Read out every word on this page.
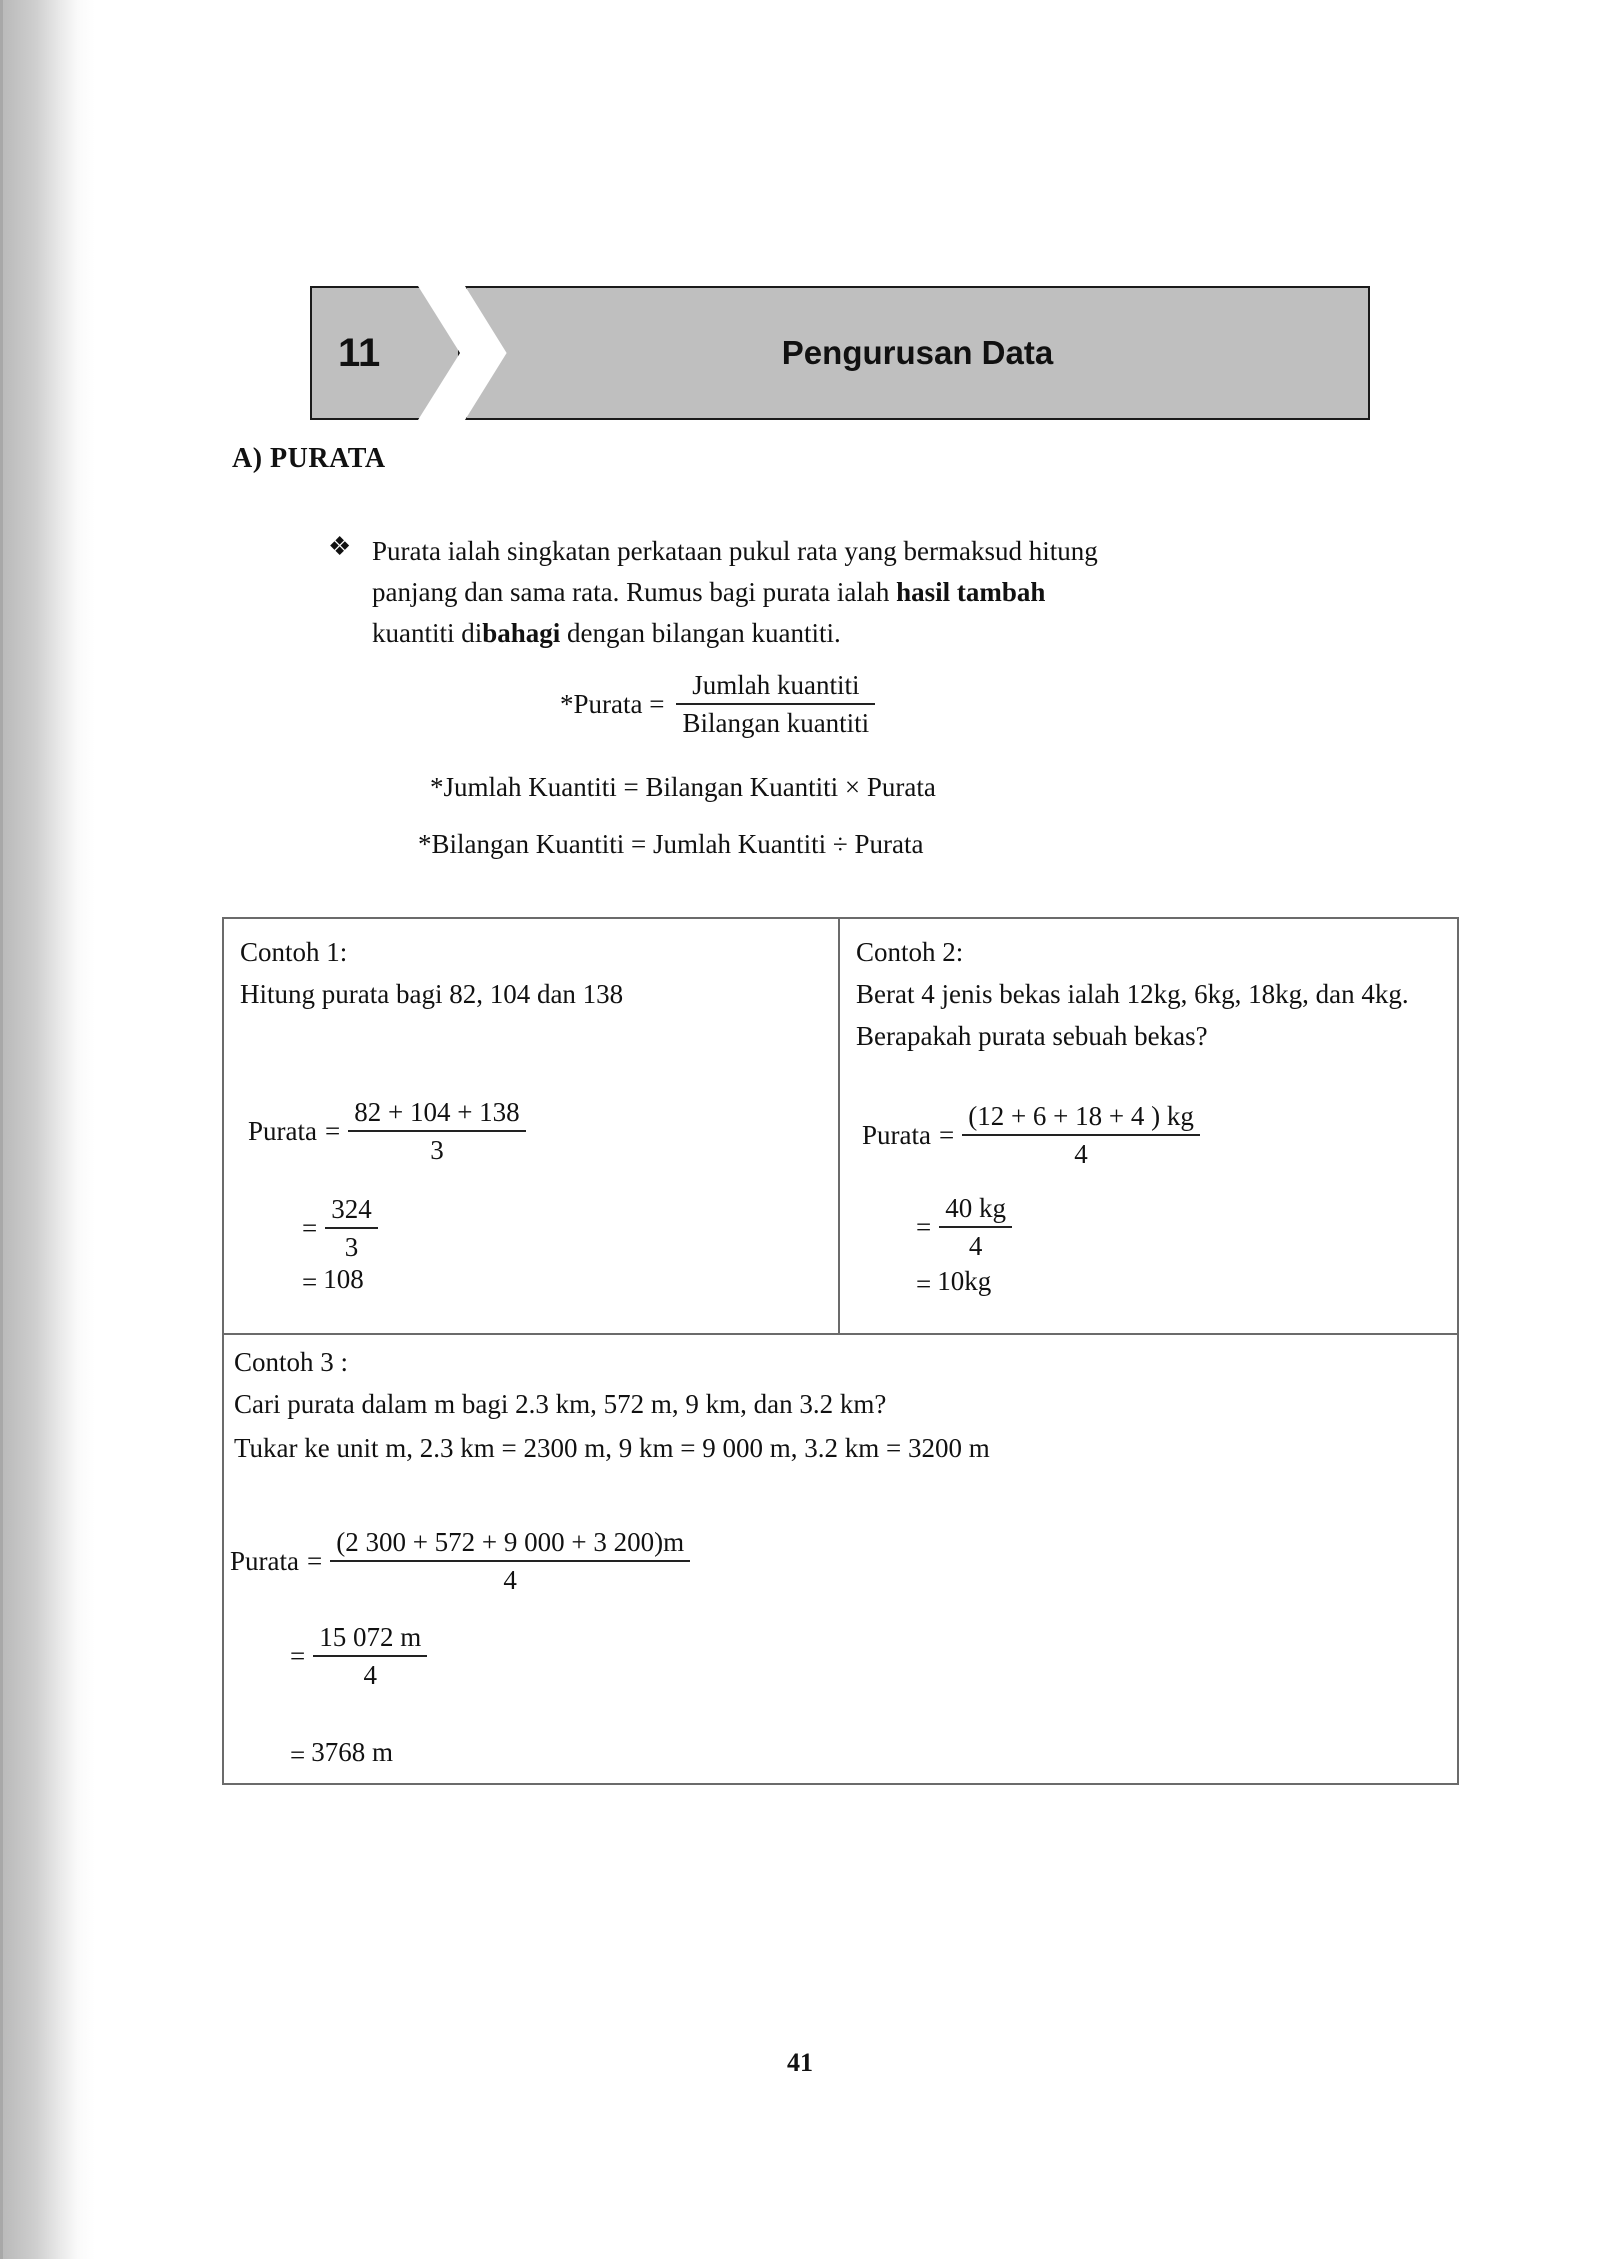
11	Pengurusan Data
A) PURATA
❖ Purata ialah singkatan perkataan pukul rata yang bermaksud hitung panjang dan sama rata. Rumus bagi purata ialah hasil tambah kuantiti dibahagi dengan bilangan kuantiti.
*Purata = $\frac{\text{Jumlah kuantiti}}{\text{Bilangan kuantiti}}$
*Jumlah Kuantiti = Bilangan Kuantiti × Purata
*Bilangan Kuantiti = Jumlah Kuantiti ÷ Purata
Contoh 1:
Hitung purata bagi 82, 104 dan 138
Purata = $\frac{82 + 104 + 138}{3}$
= $\frac{324}{3}$
= 108
Contoh 2:
Berat 4 jenis bekas ialah 12kg, 6kg, 18kg, dan 4kg. Berapakah purata sebuah bekas?
Purata = $\frac{(12 + 6 + 18 + 4 ) kg}{4}$
= $\frac{40 kg}{4}$
= 10kg
Contoh 3 :
Cari purata dalam m bagi 2.3 km, 572 m, 9 km, dan 3.2 km?
Tukar ke unit m, 2.3 km = 2300 m, 9 km = 9 000 m, 3.2 km = 3200 m
Purata = $\frac{(2 300 + 572 + 9 000 + 3 200)m}{4}$
= $\frac{15 072 m}{4}$
= 3768 m
41
